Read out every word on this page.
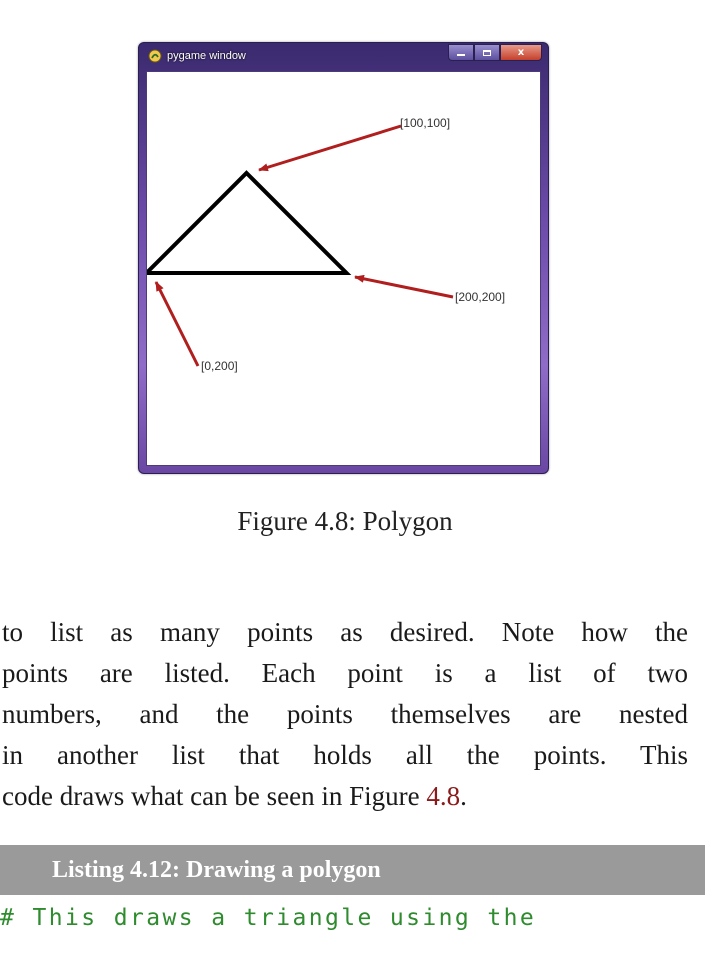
pygame window	x
[100,100]
[200,200]
[0,200]
Figure 4.8: Polygon
to list as many points as desired. Note how the
points are listed. Each point is a list of two
numbers, and the points themselves are nested
in another list that holds all the points. This
code draws what can be seen in Figure 4.8.
Listing 4.12: Drawing a polygon
# This draws a triangle using the
